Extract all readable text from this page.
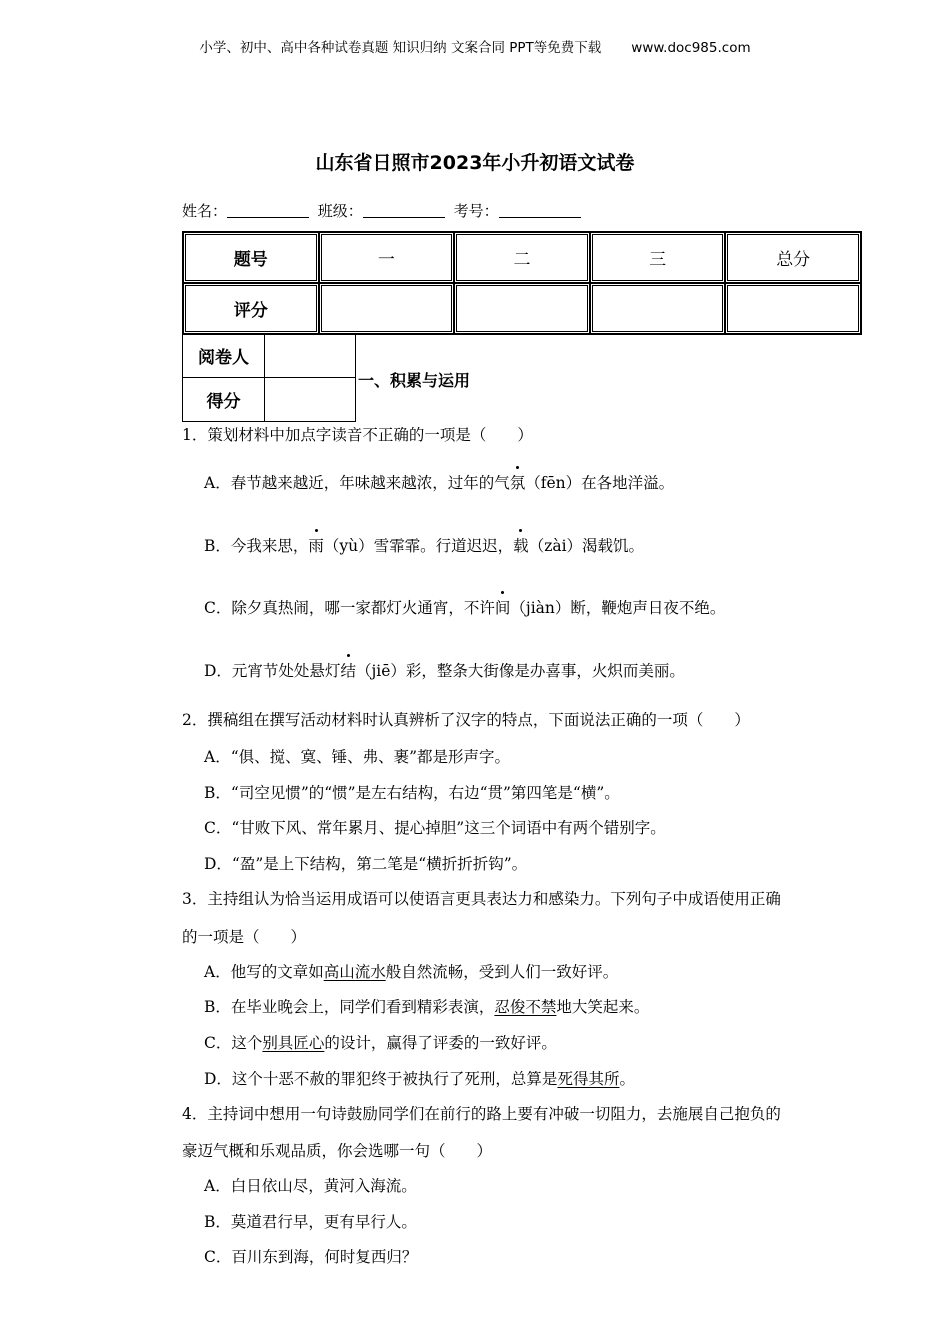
小学、初中、高中各种试卷真题 知识归纳 文案合同 PPT等免费下载 www.doc985.com
山东省日照市2023年小升初语文试卷
姓名：	班级：	考号：
题号	一	二	三	总分
评分				
阅卷人	
得分	
一、积累与运用
1．策划材料中加点字读音不正确的一项是（　　）
A．春节越来越近，年味越来越浓，过年的气氛（fēn）在各地洋溢。
B．今我来思，雨（yù）雪霏霏。行道迟迟，载（zài）渴载饥。
C．除夕真热闹，哪一家都灯火通宵，不许间（jiàn）断，鞭炮声日夜不绝。
D．元宵节处处悬灯结（jiē）彩，整条大街像是办喜事，火炽而美丽。
2．撰稿组在撰写活动材料时认真辨析了汉字的特点，下面说法正确的一项（　　）
A．“俱、搅、寞、锤、弗、裹”都是形声字。
B．“司空见惯”的“惯”是左右结构，右边“贯”第四笔是“横”。
C．“甘败下风、常年累月、提心掉胆”这三个词语中有两个错别字。
D．“盈”是上下结构，第二笔是“横折折折钩”。
3．主持组认为恰当运用成语可以使语言更具表达力和感染力。下列句子中成语使用正确
的一项是（　　）
A．他写的文章如高山流水般自然流畅，受到人们一致好评。
B．在毕业晚会上，同学们看到精彩表演，忍俊不禁地大笑起来。
C．这个别具匠心的设计，赢得了评委的一致好评。
D．这个十恶不赦的罪犯终于被执行了死刑，总算是死得其所。
4．主持词中想用一句诗鼓励同学们在前行的路上要有冲破一切阻力，去施展自己抱负的
豪迈气概和乐观品质，你会选哪一句（　　）
A．白日依山尽，黄河入海流。
B．莫道君行早，更有早行人。
C．百川东到海，何时复西归？
